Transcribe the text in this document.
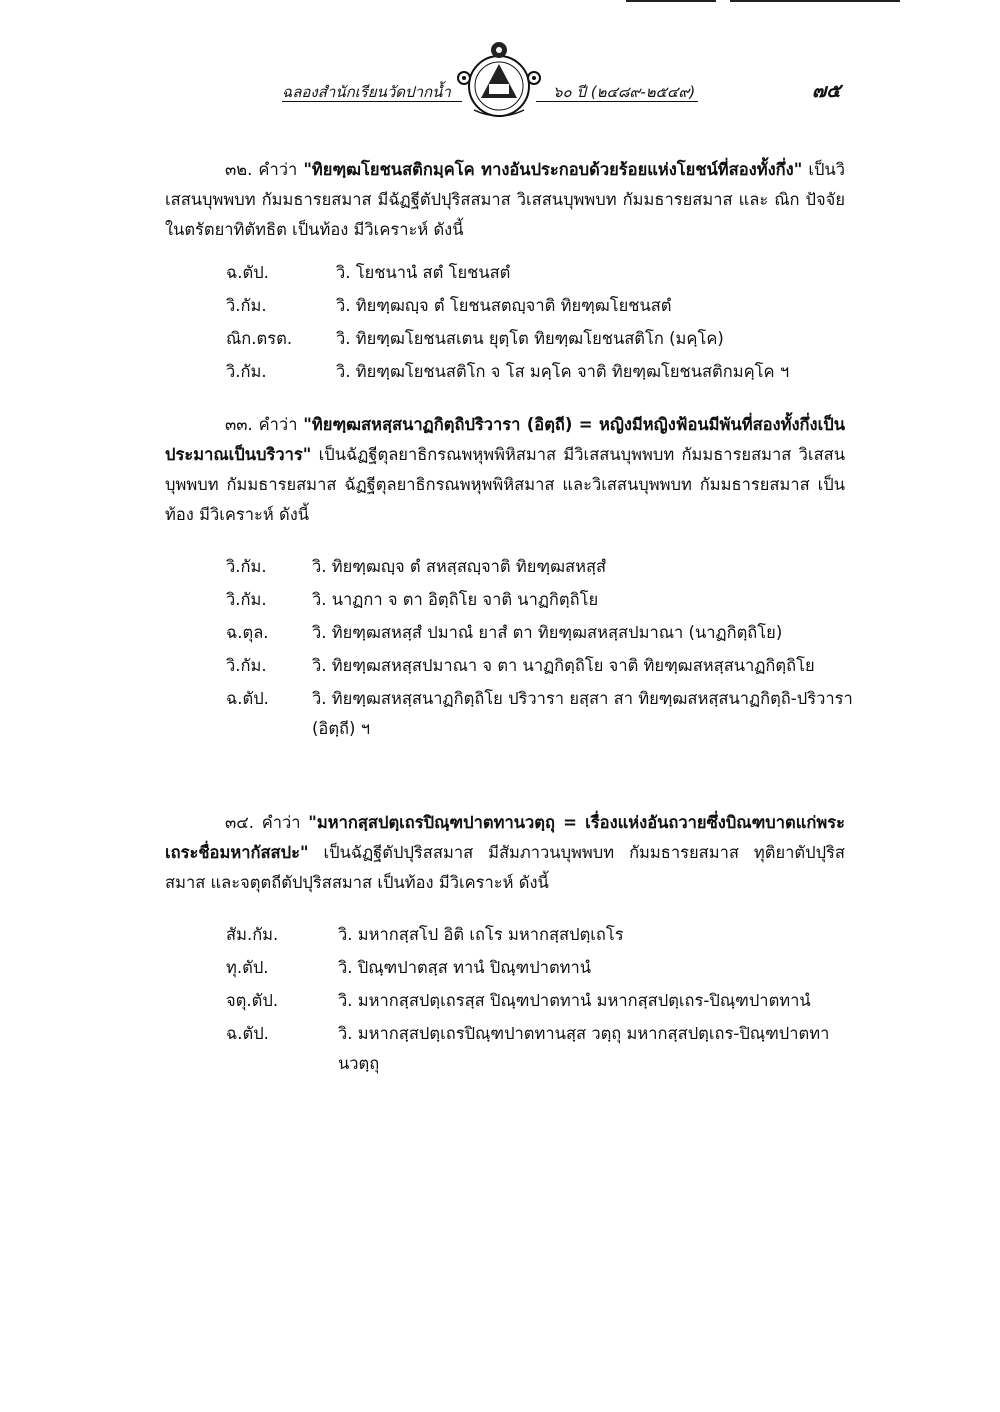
ฉลองสำนักเรียนวัดปากน้ำ	๖๐ ปี (๒๔๘๙-๒๕๔๙)	๗๕
๓๒. คำว่า "ทิยฑฺฒโยชนสติกมฺคโค ทางอันประกอบด้วยร้อยแห่งโยชน์ที่สองทั้งกึ่ง" เป็นวิเสสนบุพพบท กัมมธารยสมาส มีฉัฏฐีตัปปุริสสมาส วิเสสนบุพพบท กัมมธารยสมาส และ ณิก ปัจจัย ในตรัตยาทิตัทธิต เป็นท้อง มีวิเคราะห์ ดังนี้
ฉ.ตัป.	วิ. โยชนานํ สตํ โยชนสตํ
วิ.กัม.	วิ. ทิยฑฺฒญฺจ ตํ โยชนสตญฺจาติ ทิยฑฺฒโยชนสตํ
ณิก.ตรต.	วิ. ทิยฑฺฒโยชนสเตน ยุตฺโต ทิยฑฺฒโยชนสติโก (มคฺโค)
วิ.กัม.	วิ. ทิยฑฺฒโยชนสติโก จ โส มคฺโค จาติ ทิยฑฺฒโยชนสติกมคฺโค ฯ
๓๓. คำว่า "ทิยฑฺฒสหสฺสนาฏกิตฺถิปริวารา (อิตฺถี) = หญิงมีหญิงฟ้อนมีพันที่สองทั้งกึ่งเป็นประมาณเป็นบริวาร" เป็นฉัฏฐีตุลยาธิกรณพหุพพิหิสมาส มีวิเสสนบุพพบท กัมมธารยสมาส วิเสสนบุพพบท กัมมธารยสมาส ฉัฏฐีตุลยาธิกรณพหุพพิหิสมาส และวิเสสนบุพพบท กัมมธารยสมาส เป็นท้อง มีวิเคราะห์ ดังนี้
วิ.กัม.	วิ. ทิยฑฺฒญฺจ ตํ สหสฺสญฺจาติ ทิยฑฺฒสหสฺสํ
วิ.กัม.	วิ. นาฏกา จ ตา อิตฺถิโย จาติ นาฏกิตฺถิโย
ฉ.ตุล.	วิ. ทิยฑฺฒสหสฺสํ ปมาณํ ยาสํ ตา ทิยฑฺฒสหสฺสปมาณา (นาฏกิตฺถิโย)
วิ.กัม.	วิ. ทิยฑฺฒสหสฺสปมาณา จ ตา นาฏกิตฺถิโย จาติ ทิยฑฺฒสหสฺสนาฏกิตฺถิโย
ฉ.ตัป.	วิ. ทิยฑฺฒสหสฺสนาฏกิตฺถิโย ปริวารา ยสฺสา สา ทิยฑฺฒสหสฺสนาฏกิตฺถิ-ปริวารา (อิตฺถี) ฯ
๓๔. คำว่า "มหากสฺสปตฺเถรปิณฺฑปาตทานวตฺถุ = เรื่องแห่งอันถวายซึ่งบิณฑบาตแก่พระเถระชื่อมหากัสสปะ" เป็นฉัฏฐีตัปปุริสสมาส มีสัมภาวนบุพพบท กัมมธารยสมาส ทุติยาตัปปุริสสมาส และจตุตถีตัปปุริสสมาส เป็นท้อง มีวิเคราะห์ ดังนี้
สัม.กัม.	วิ. มหากสฺสโป อิติ เถโร มหากสฺสปตฺเถโร
ทุ.ตัป.	วิ. ปิณฺฑปาตสฺส ทานํ ปิณฺฑปาตทานํ
จตุ.ตัป.	วิ. มหากสฺสปตฺเถรสฺส ปิณฺฑปาตทานํ มหากสฺสปตฺเถร-ปิณฺฑปาตทานํ
ฉ.ตัป.	วิ. มหากสฺสปตฺเถรปิณฺฑปาตทานสฺส วตฺถุ มหากสฺสปตฺเถร-ปิณฺฑปาตทานวตฺถุ
